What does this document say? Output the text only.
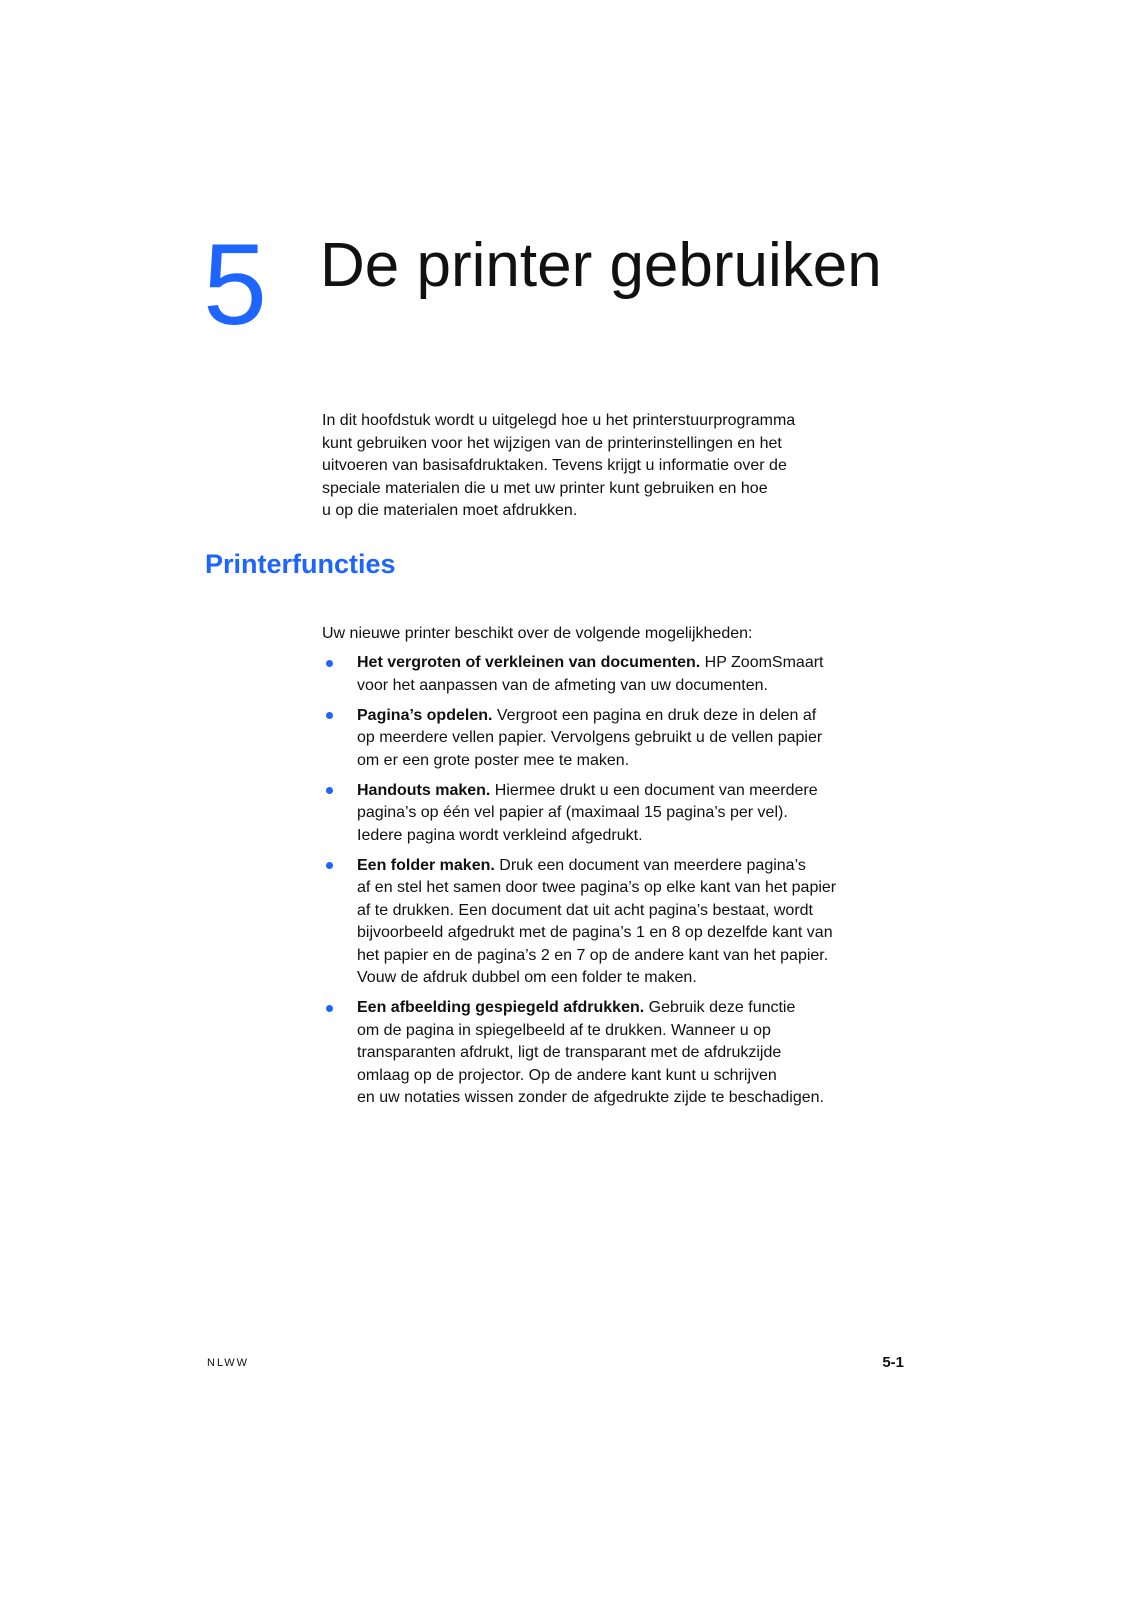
5 De printer gebruiken
In dit hoofdstuk wordt u uitgelegd hoe u het printerstuurprogramma
kunt gebruiken voor het wijzigen van de printerinstellingen en het
uitvoeren van basisafdruktaken. Tevens krijgt u informatie over de
speciale materialen die u met uw printer kunt gebruiken en hoe
u op die materialen moet afdrukken.
Printerfuncties
Uw nieuwe printer beschikt over de volgende mogelijkheden:
Het vergroten of verkleinen van documenten. HP ZoomSmaart
voor het aanpassen van de afmeting van uw documenten.
Pagina’s opdelen. Vergroot een pagina en druk deze in delen af
op meerdere vellen papier. Vervolgens gebruikt u de vellen papier
om er een grote poster mee te maken.
Handouts maken. Hiermee drukt u een document van meerdere
pagina’s op één vel papier af (maximaal 15 pagina’s per vel).
Iedere pagina wordt verkleind afgedrukt.
Een folder maken. Druk een document van meerdere pagina’s
af en stel het samen door twee pagina’s op elke kant van het papier
af te drukken. Een document dat uit acht pagina’s bestaat, wordt
bijvoorbeeld afgedrukt met de pagina’s 1 en 8 op dezelfde kant van
het papier en de pagina’s 2 en 7 op de andere kant van het papier.
Vouw de afdruk dubbel om een folder te maken.
Een afbeelding gespiegeld afdrukken. Gebruik deze functie
om de pagina in spiegelbeeld af te drukken. Wanneer u op
transparanten afdrukt, ligt de transparant met de afdrukzijde
omlaag op de projector. Op de andere kant kunt u schrijven
en uw notaties wissen zonder de afgedrukte zijde te beschadigen.
NLWW	5-1
